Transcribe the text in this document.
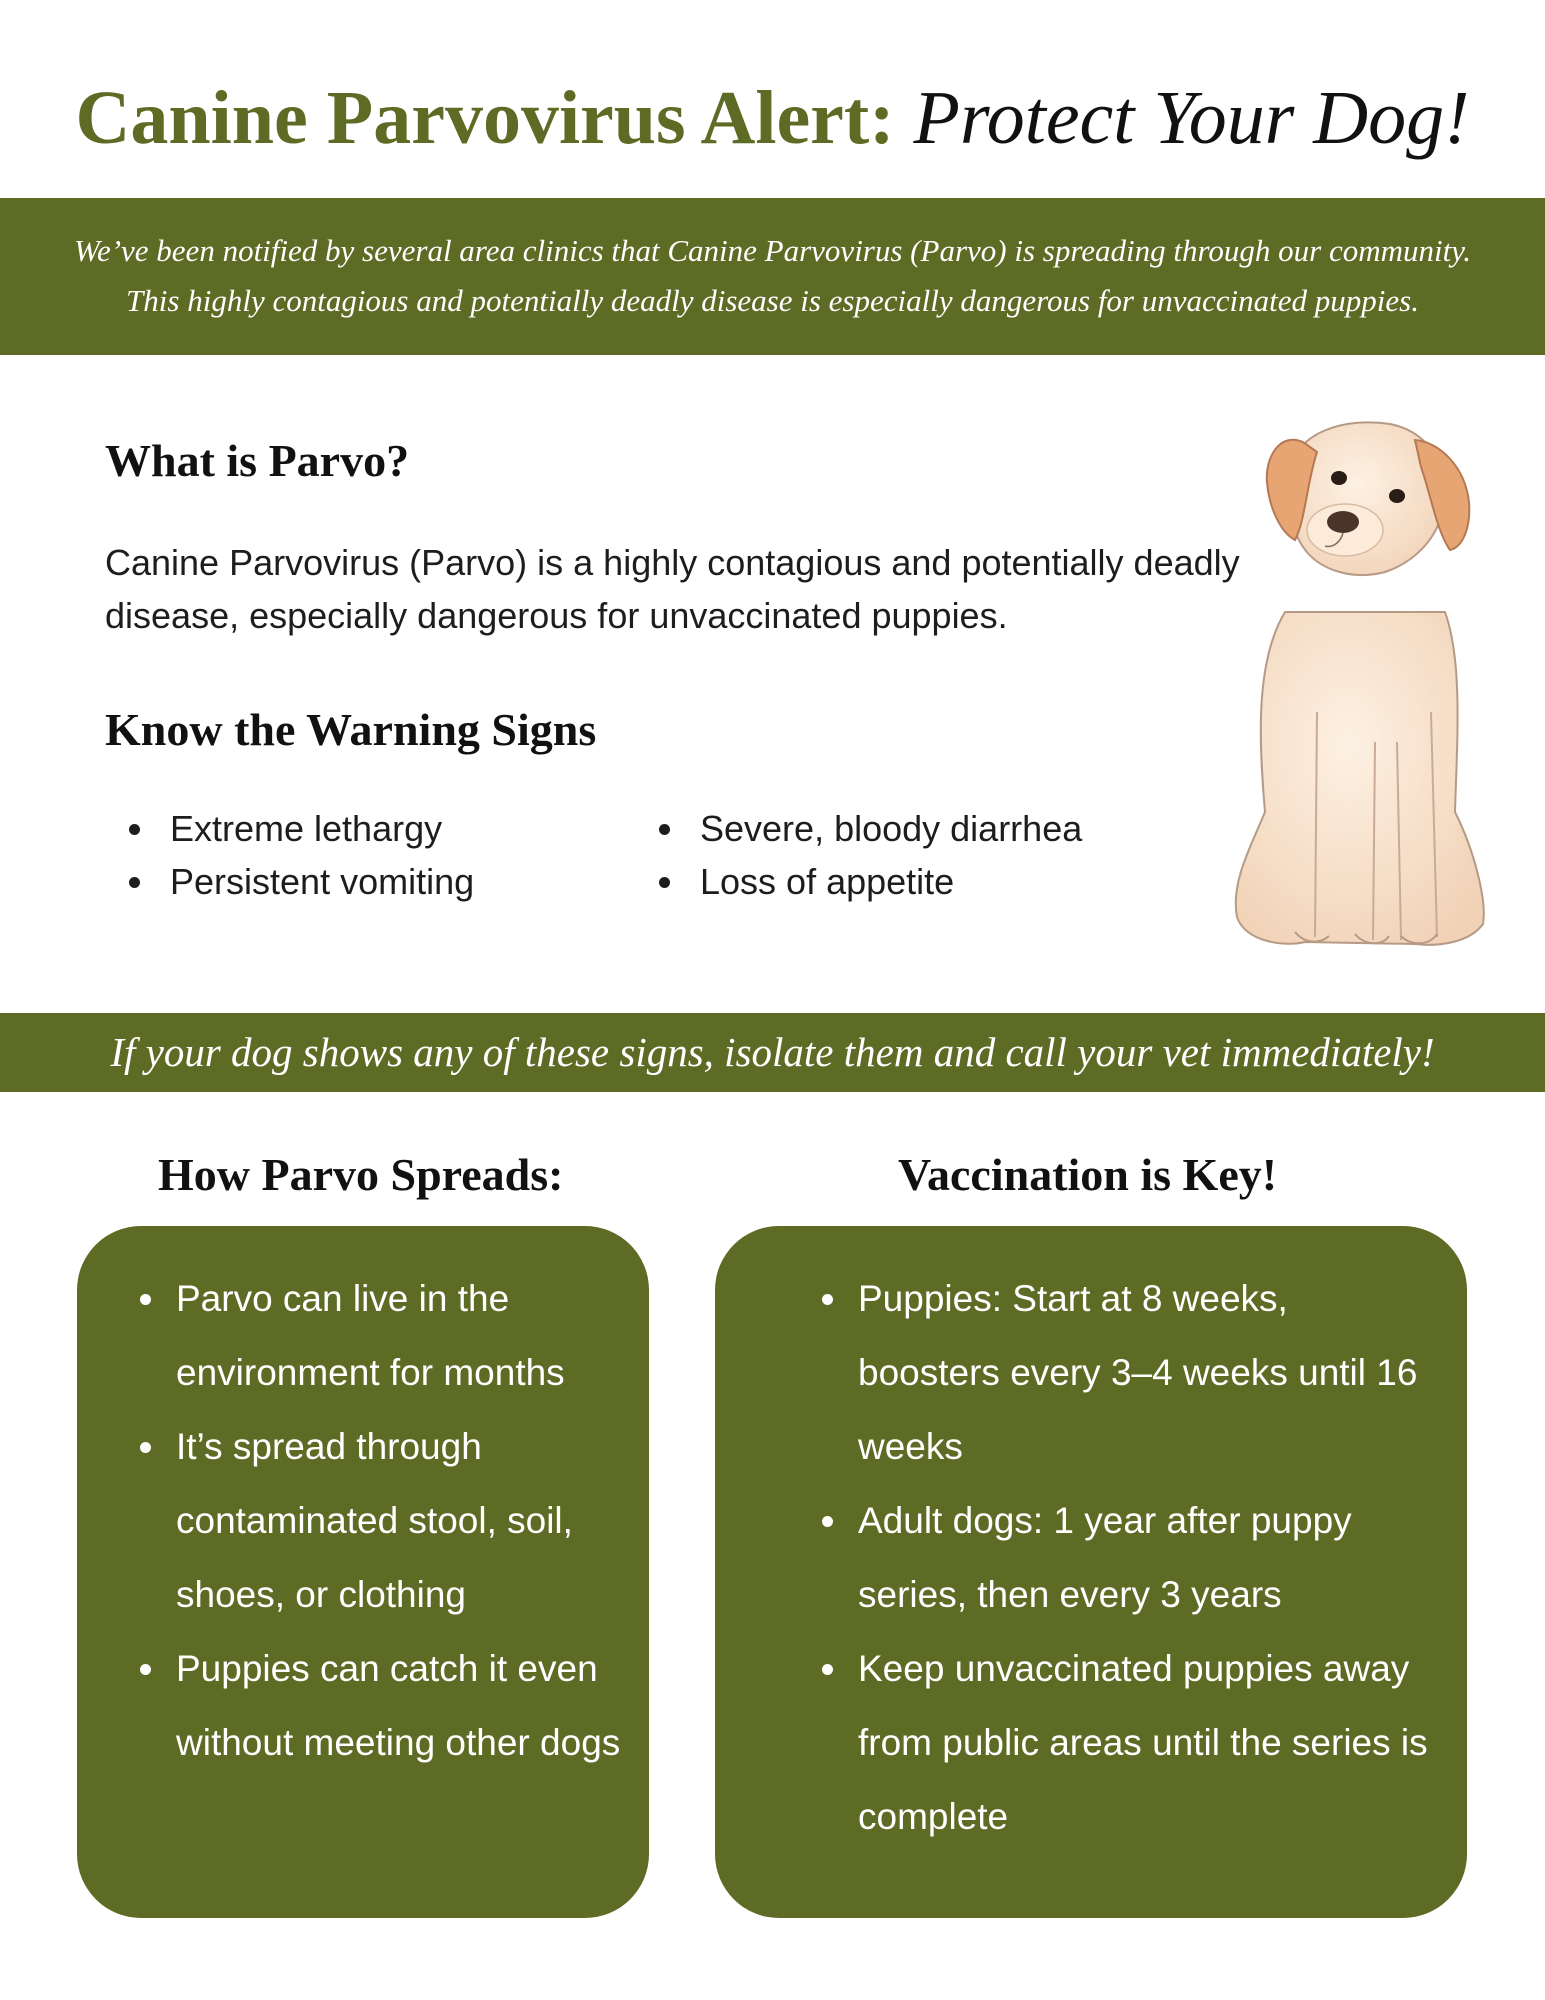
Canine Parvovirus Alert: Protect Your Dog!

We’ve been notified by several area clinics that Canine Parvovirus (Parvo) is spreading through our community.

This highly contagious and potentially deadly disease is especially dangerous for unvaccinated puppies.

What is Parvo?

Canine Parvovirus (Parvo) is a highly contagious and potentially deadly disease, especially dangerous for unvaccinated puppies.

Know the Warning Signs
Extreme lethargy
Persistent vomiting
Severe, bloody diarrhea
Loss of appetite

If your dog shows any of these signs, isolate them and call your vet immediately!

How Parvo Spreads:	Vaccination is Key!
Parvo can live in the environment for months
It’s spread through contaminated stool, soil, shoes, or clothing
Puppies can catch it even without meeting other dogs
Puppies: Start at 8 weeks, boosters every 3–4 weeks until 16 weeks
Adult dogs: 1 year after puppy series, then every 3 years
Keep unvaccinated puppies away from public areas until the series is complete
